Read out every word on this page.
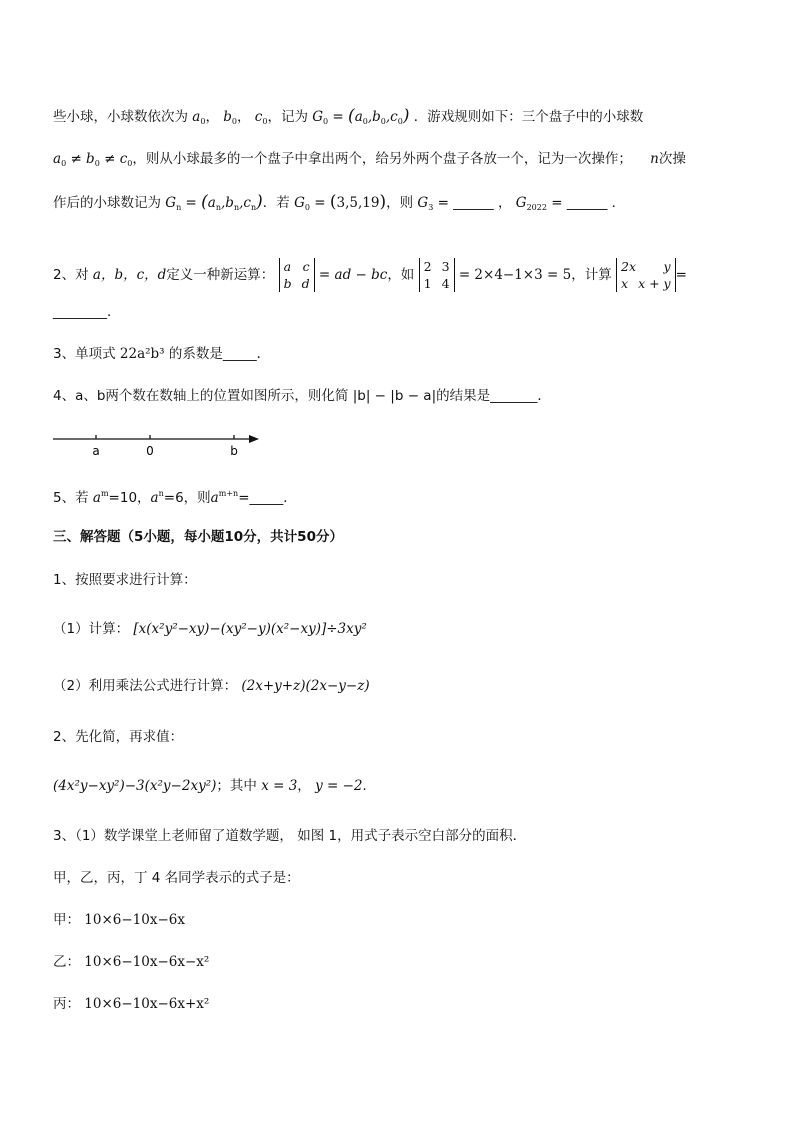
些小球，小球数依次为 $a_0$， $b_0$， $c_0$，记为 $G_0 = (a_0,b_0,c_0)$ ．游戏规则如下：三个盘子中的小球数
$a_0 \ne b_0 \ne c_0$，则从小球最多的一个盘子中拿出两个，给另外两个盘子各放一个，记为一次操作； n次操
作后的小球数记为 $G_n = (a_n,b_n,c_n)$．若 $G_0 = (3,5,19)$，则 $G_3$ = ______ ， $G_{2022}$ = ______ ．
2、对 a，b，c，d定义一种新运算：
a c
b d
= ad − bc，如
2 3
1 4
= 2×4−1×3 = 5，计算
2x y
x x + y
=
________．
3、单项式 22a²b³ 的系数是_____．
4、a、b两个数在数轴上的位置如图所示，则化简 |b| − |b − a|的结果是_______．
a	0	b
5、若 $a^m=10$，$a^n=6$，则$a^{m+n}=\_\_\_\_\_$．
三、解答题（5小题，每小题10分，共计50分）
1、按照要求进行计算：
（1）计算： [x(x²y²−xy)−(xy²−y)(x²−xy)]÷3xy²
（2）利用乘法公式进行计算： (2x+y+z)(2x−y−z)
2、先化简，再求值：
(4x²y−xy²)−3(x²y−2xy²)；其中 x = 3， y = −2．
3、（1）数学课堂上老师留了道数学题， 如图 1，用式子表示空白部分的面积．
甲，乙，丙，丁 4 名同学表示的式子是：
甲： 10×6−10x−6x
乙： 10×6−10x−6x−x²
丙： 10×6−10x−6x+x²
